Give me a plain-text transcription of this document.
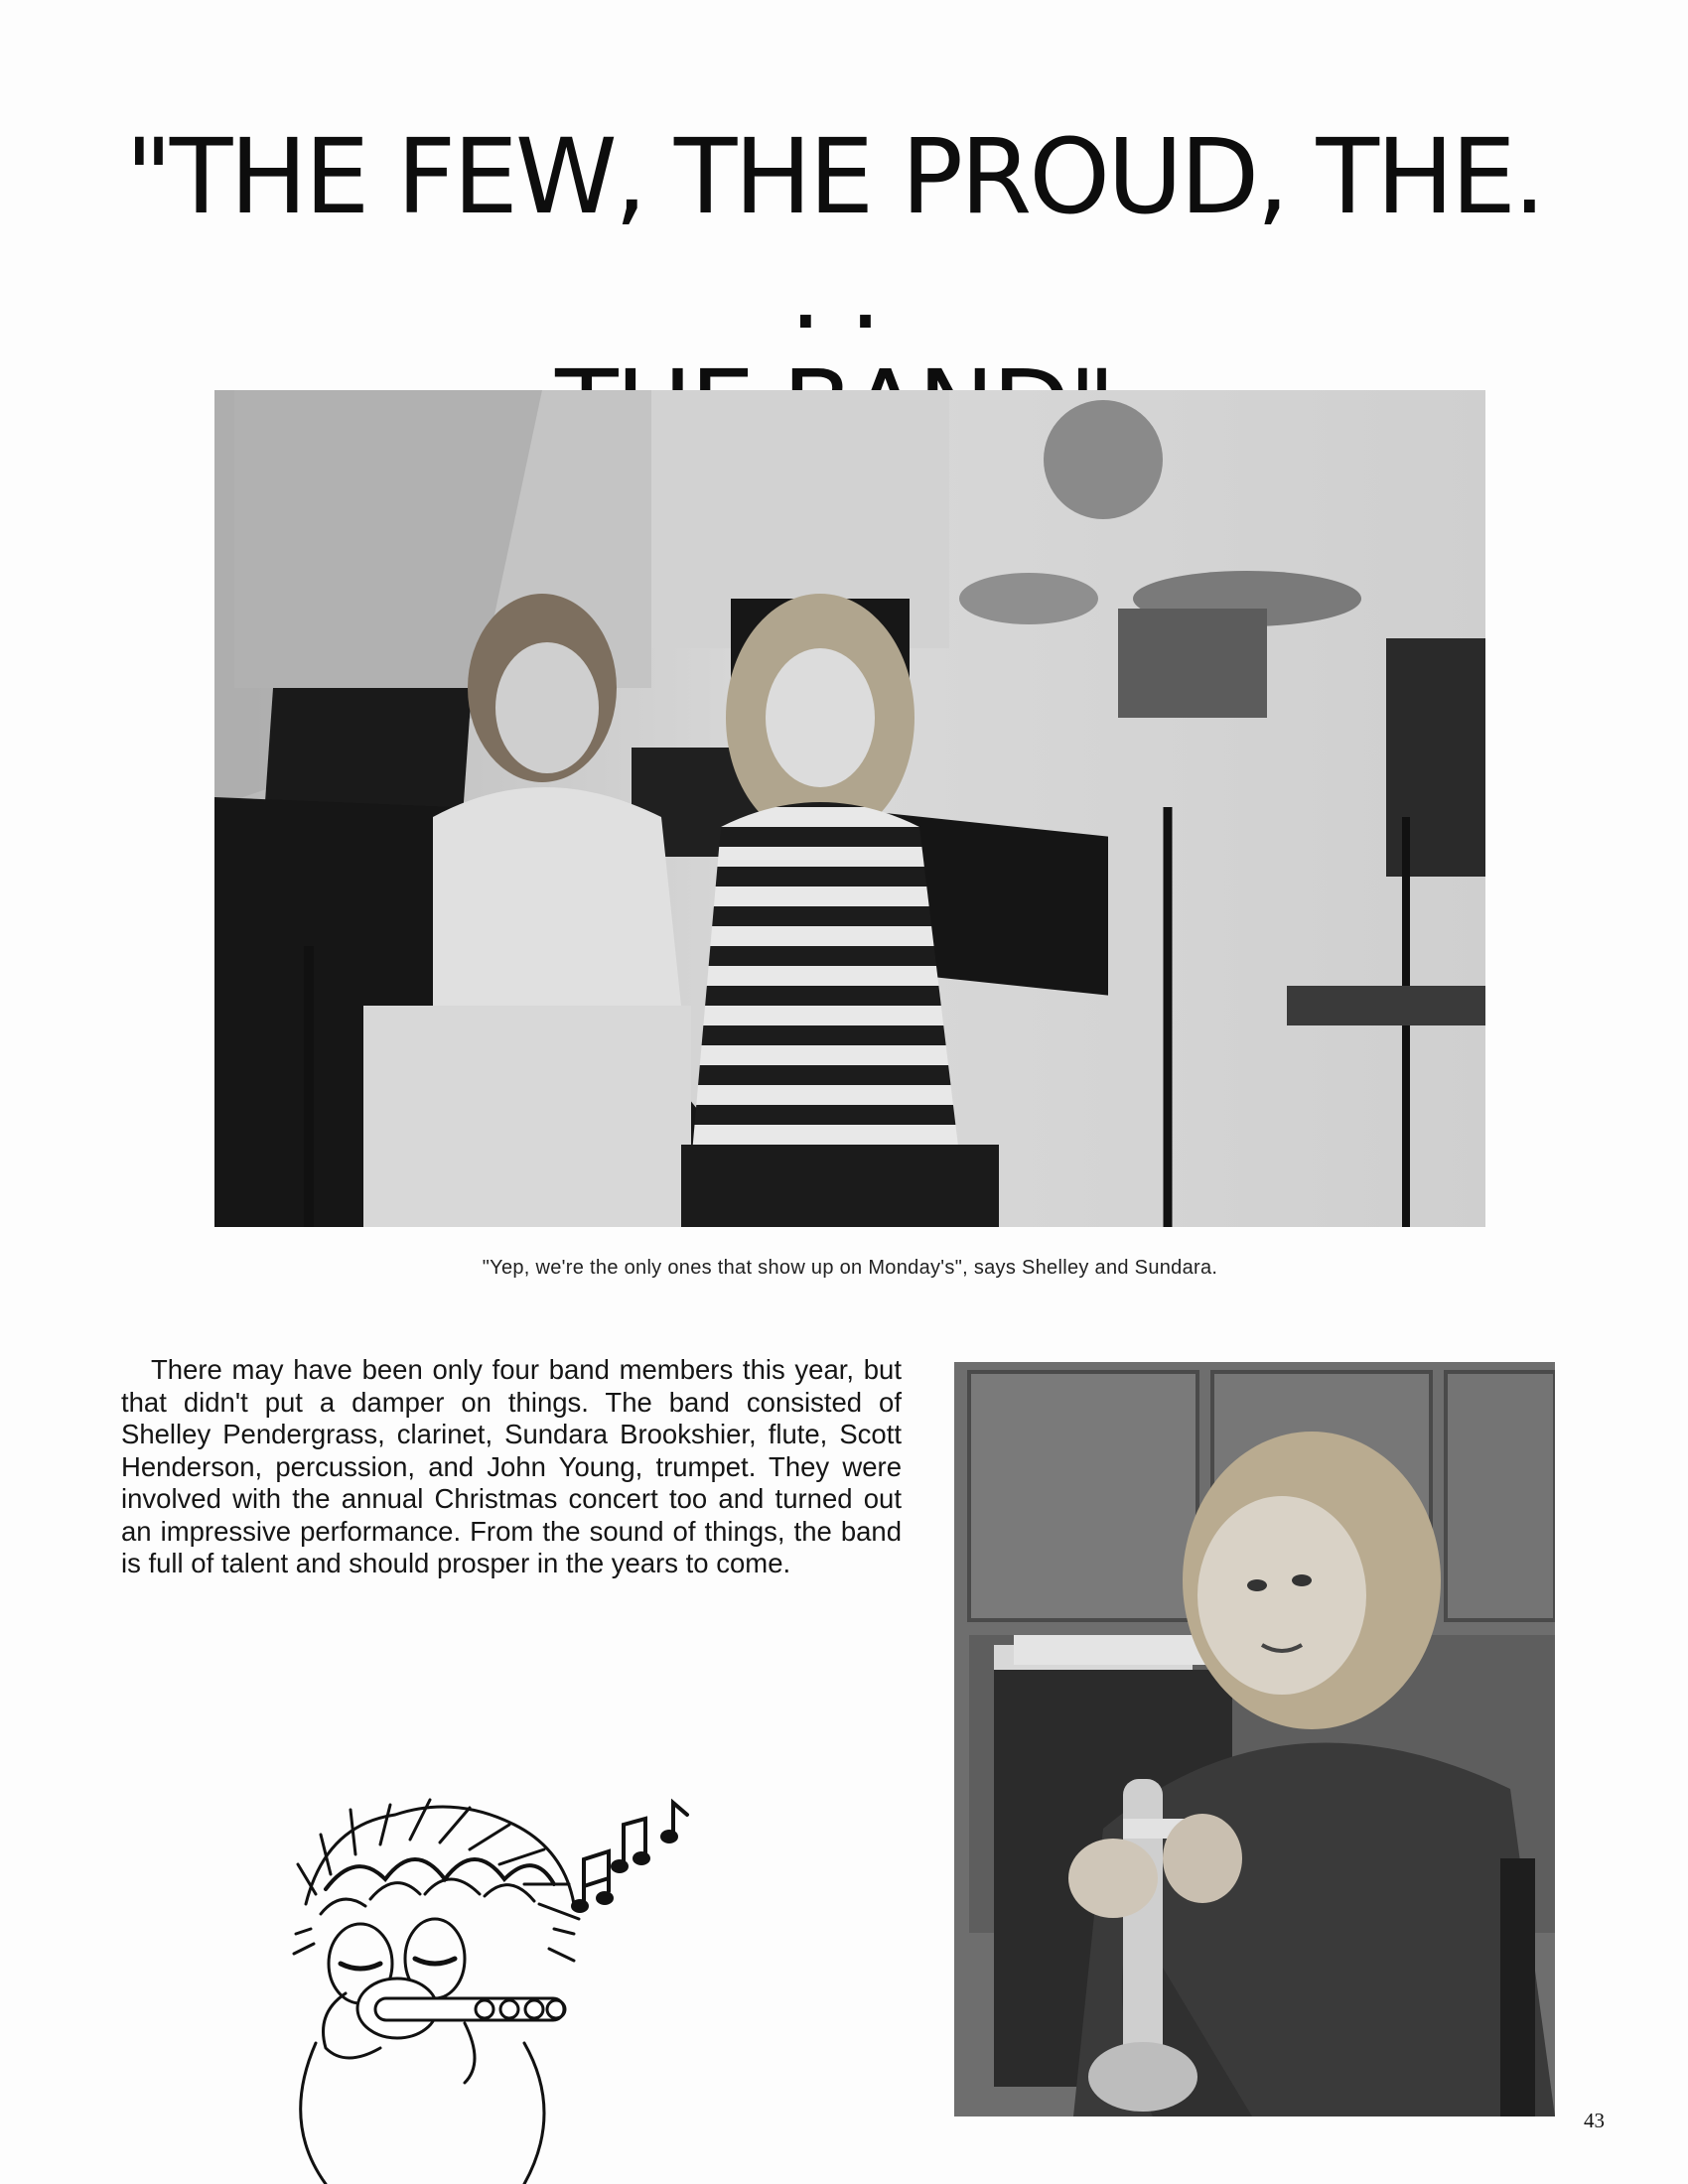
"THE FEW, THE PROUD, THE. . .
"Yep, we're the only ones that show up on Monday's", says Shelley and Sundara.

There may have been only four band members this year, but that didn't put a damper on things. The band consisted of Shelley Pendergrass, clarinet, Sundara Brookshier, flute, Scott Henderson, percussion, and John Young, trumpet. They were involved with the annual Christmas concert too and turned out an impressive performance. From the sound of things, the band is full of talent and should prosper in the years to come.

43
